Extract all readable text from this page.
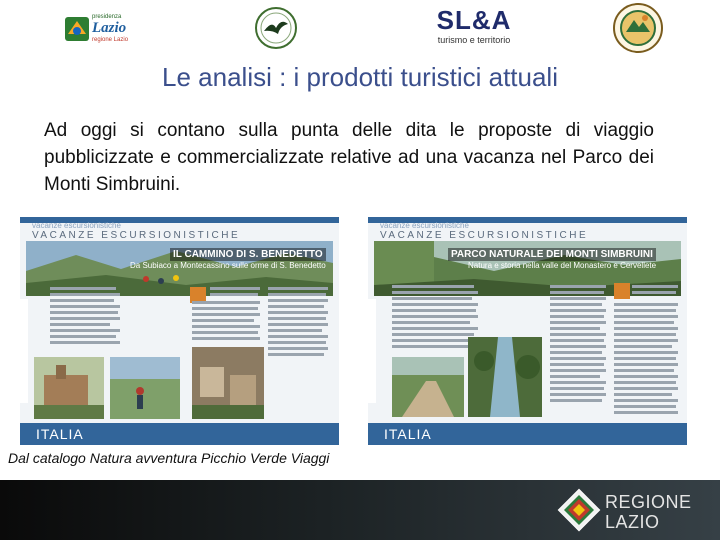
presidenza
Lazio
regione Lazio
SL&A
turismo e territorio
Le analisi : i prodotti turistici attuali
Ad oggi si contano sulla punta delle dita le proposte di viaggio pubblicizzate e commercializzate relative ad una vacanza nel Parco dei Monti Simbruini.
vacanze escursionistiche
VACANZE ESCURSIONISTICHE
IL CAMMINO DI S. BENEDETTO
Da Subiaco a Montecassino sulle orme di S. Benedetto
ITALIA
vacanze escursionistiche
VACANZE ESCURSIONISTICHE
PARCO NATURALE DEI MONTI SIMBRUINI
Natura e storia nella valle del Monastero e Cervellete
ITALIA
Dal catalogo Natura avventura Picchio Verde Viaggi
REGIONE
LAZIO
